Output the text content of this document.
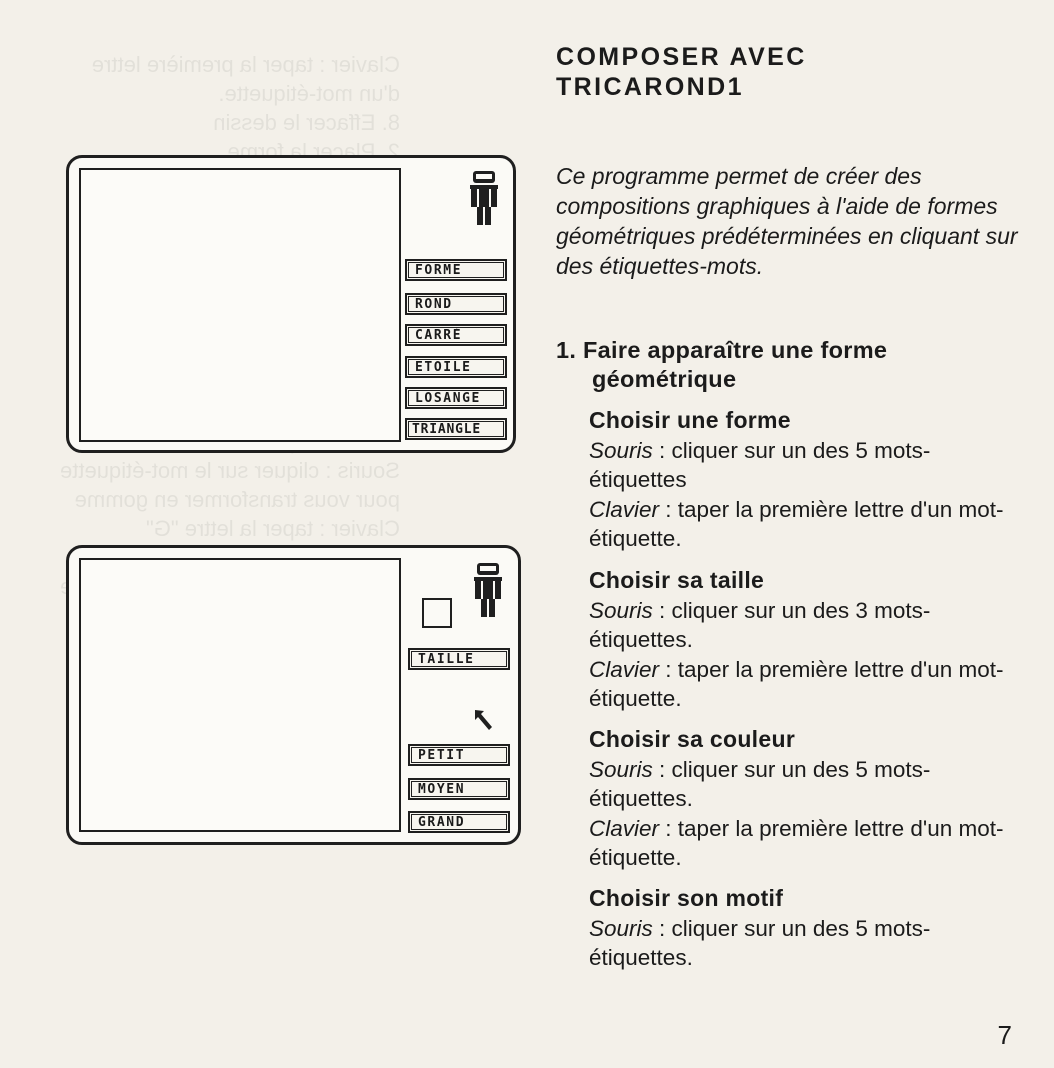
Clavier : taper la première lettre
d'un mot-étiquette.
8. Effacer le dessin
2. Placer la forme

Souris : cliquer sur le mot-étiquette
pour vous transformer en gomme
Clavier : taper la lettre "G"

FORME
ROND
CARRÉ
ETOILE
LOSANGE
TRIANGLE
TAILLE
PETIT
MOYEN
GRAND

COMPOSER AVEC

TRICAROND1

Ce programme permet de créer des compositions graphiques à l'aide de formes géométriques prédéterminées en cliquant sur des étiquettes-mots.

1. Faire apparaître une forme
géométrique
Choisir une forme

Souris : cliquer sur un des 5 mots-étiquettes

Clavier : taper la première lettre d'un mot-étiquette.

Choisir sa taille

Souris : cliquer sur un des 3 mots-étiquettes.

Clavier : taper la première lettre d'un mot-étiquette.

Choisir sa couleur

Souris : cliquer sur un des 5 mots-étiquettes.

Clavier : taper la première lettre d'un mot-étiquette.

Choisir son motif

Souris : cliquer sur un des 5 mots-étiquettes.

7
